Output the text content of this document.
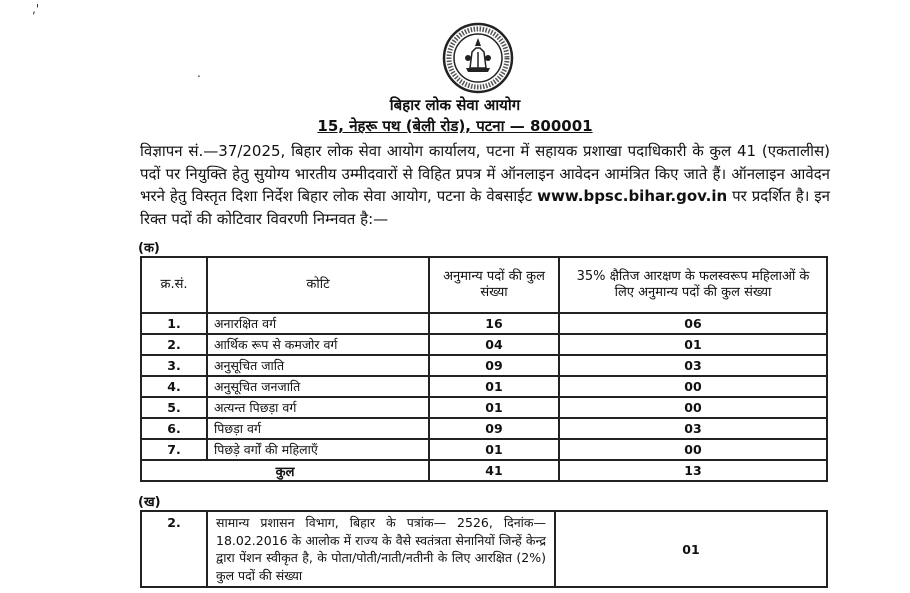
,'
.
बिहार लोक सेवा आयोग
15, नेहरू पथ (बेली रोड), पटना — 800001
विज्ञापन सं.—37/2025, बिहार लोक सेवा आयोग कार्यालय, पटना में सहायक प्रशाखा पदाधिकारी के कुल 41 (एकतालीस) पदों पर नियुक्ति हेतु सुयोग्य भारतीय उम्मीदवारों से विहित प्रपत्र में ऑनलाइन आवेदन आमंत्रित किए जाते हैं। ऑनलाइन आवेदन भरने हेतु विस्तृत दिशा निर्देश बिहार लोक सेवा आयोग, पटना के वेबसाईट www.bpsc.bihar.gov.in पर प्रदर्शित है। इन रिक्त पदों की कोटिवार विवरणी निम्नवत है:—
(क)
क्र.सं.	कोटि	अनुमान्य पदों की कुल संख्या	35% क्षैतिज आरक्षण के फलस्वरूप महिलाओं के लिए अनुमान्य पदों की कुल संख्या
1.	अनारक्षित वर्ग	16	06
2.	आर्थिक रूप से कमजोर वर्ग	04	01
3.	अनुसूचित जाति	09	03
4.	अनुसूचित जनजाति	01	00
5.	अत्यन्त पिछड़ा वर्ग	01	00
6.	पिछड़ा वर्ग	09	03
7.	पिछड़े वर्गों की महिलाएँ	01	00
कुल		41	13
(ख)
2.	सामान्य प्रशासन विभाग, बिहार के पत्रांक— 2526, दिनांक— 18.02.2016 के आलोक में राज्य के वैसे स्वतंत्रता सेनानियों जिन्हें केन्द्र द्वारा पेंशन स्वीकृत है, के पोता/पोती/नाती/नतीनी के लिए आरक्षित (2%) कुल पदों की संख्या	01
